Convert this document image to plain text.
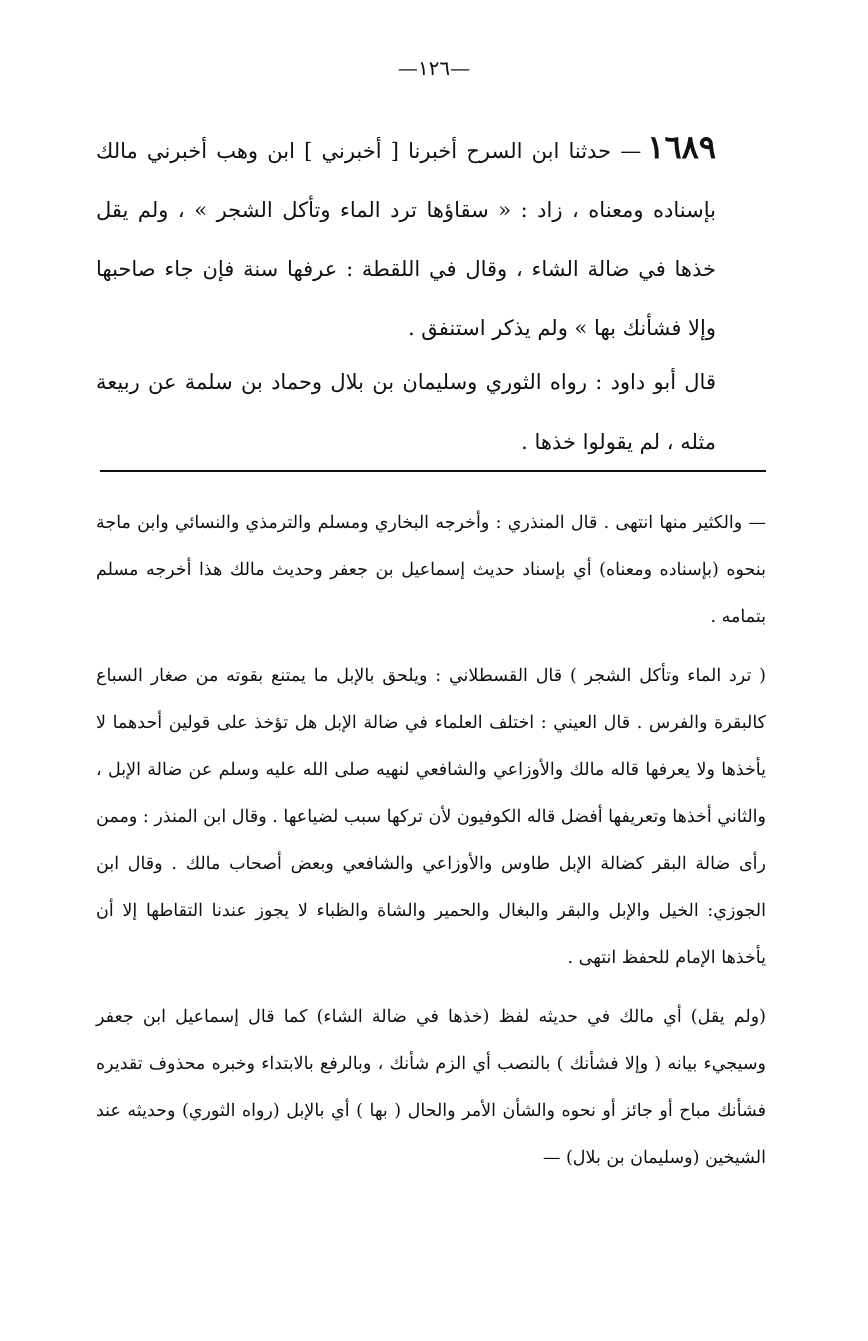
—١٢٦—
١٦٨٩— حدثنا ابن السرح أخبرنا [ أخبرني ] ابن وهب أخبرني مالك بإسناده ومعناه ، زاد : « سقاؤها ترد الماء وتأكل الشجر » ، ولم يقل خذها في ضالة الشاء ، وقال في اللقطة : عرفها سنة فإن جاء صاحبها وإلا فشأنك بها » ولم يذكر استنفق .
قال أبو داود : رواه الثوري وسليمان بن بلال وحماد بن سلمة عن ربيعة مثله ، لم يقولوا خذها .

— والكثير منها انتهى . قال المنذري : وأخرجه البخاري ومسلم والترمذي والنسائي وابن ماجة بنحوه (بإسناده ومعناه) أي بإسناد حديث إسماعيل بن جعفر وحديث مالك هذا أخرجه مسلم بتمامه .

( ترد الماء وتأكل الشجر ) قال القسطلاني : ويلحق بالإبل ما يمتنع بقوته من صغار السباع كالبقرة والفرس . قال العيني : اختلف العلماء في ضالة الإبل هل تؤخذ على قولين أحدهما لا يأخذها ولا يعرفها قاله مالك والأوزاعي والشافعي لنهيه صلى الله عليه وسلم عن ضالة الإبل ، والثاني أخذها وتعريفها أفضل قاله الكوفيون لأن تركها سبب لضياعها . وقال ابن المنذر : وممن رأى ضالة البقر كضالة الإبل طاوس والأوزاعي والشافعي وبعض أصحاب مالك . وقال ابن الجوزي: الخيل والإبل والبقر والبغال والحمير والشاة والظباء لا يجوز عندنا التقاطها إلا أن يأخذها الإمام للحفظ انتهى .

(ولم يقل) أي مالك في حديثه لفظ (خذها في ضالة الشاء) كما قال إسماعيل ابن جعفر وسيجيء بيانه ( وإلا فشأنك ) بالنصب أي الزم شأنك ، وبالرفع بالابتداء وخبره محذوف تقديره فشأنك مباح أو جائز أو نحوه والشأن الأمر والحال ( بها ) أي بالإبل (رواه الثوري) وحديثه عند الشيخين (وسليمان بن بلال) —
